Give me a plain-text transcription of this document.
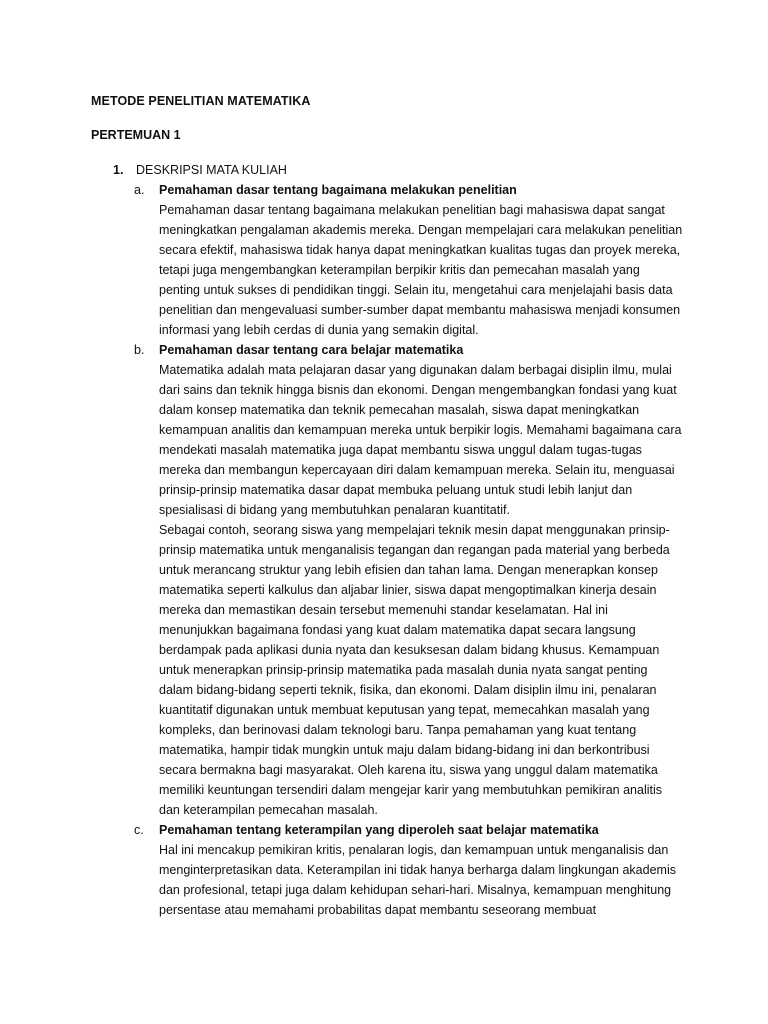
METODE PENELITIAN MATEMATIKA
PERTEMUAN 1
1. DESKRIPSI MATA KULIAH
a. Pemahaman dasar tentang bagaimana melakukan penelitian

Pemahaman dasar tentang bagaimana melakukan penelitian bagi mahasiswa dapat sangat meningkatkan pengalaman akademis mereka. Dengan mempelajari cara melakukan penelitian secara efektif, mahasiswa tidak hanya dapat meningkatkan kualitas tugas dan proyek mereka, tetapi juga mengembangkan keterampilan berpikir kritis dan pemecahan masalah yang penting untuk sukses di pendidikan tinggi. Selain itu, mengetahui cara menjelajahi basis data penelitian dan mengevaluasi sumber-sumber dapat membantu mahasiswa menjadi konsumen informasi yang lebih cerdas di dunia yang semakin digital.

b. Pemahaman dasar tentang cara belajar matematika

Matematika adalah mata pelajaran dasar yang digunakan dalam berbagai disiplin ilmu, mulai dari sains dan teknik hingga bisnis dan ekonomi. Dengan mengembangkan fondasi yang kuat dalam konsep matematika dan teknik pemecahan masalah, siswa dapat meningkatkan kemampuan analitis dan kemampuan mereka untuk berpikir logis. Memahami bagaimana cara mendekati masalah matematika juga dapat membantu siswa unggul dalam tugas-tugas mereka dan membangun kepercayaan diri dalam kemampuan mereka. Selain itu, menguasai prinsip-prinsip matematika dasar dapat membuka peluang untuk studi lebih lanjut dan spesialisasi di bidang yang membutuhkan penalaran kuantitatif.

Sebagai contoh, seorang siswa yang mempelajari teknik mesin dapat menggunakan prinsip-prinsip matematika untuk menganalisis tegangan dan regangan pada material yang berbeda untuk merancang struktur yang lebih efisien dan tahan lama. Dengan menerapkan konsep matematika seperti kalkulus dan aljabar linier, siswa dapat mengoptimalkan kinerja desain mereka dan memastikan desain tersebut memenuhi standar keselamatan. Hal ini menunjukkan bagaimana fondasi yang kuat dalam matematika dapat secara langsung berdampak pada aplikasi dunia nyata dan kesuksesan dalam bidang khusus. Kemampuan untuk menerapkan prinsip-prinsip matematika pada masalah dunia nyata sangat penting dalam bidang-bidang seperti teknik, fisika, dan ekonomi. Dalam disiplin ilmu ini, penalaran kuantitatif digunakan untuk membuat keputusan yang tepat, memecahkan masalah yang kompleks, dan berinovasi dalam teknologi baru. Tanpa pemahaman yang kuat tentang matematika, hampir tidak mungkin untuk maju dalam bidang-bidang ini dan berkontribusi secara bermakna bagi masyarakat. Oleh karena itu, siswa yang unggul dalam matematika memiliki keuntungan tersendiri dalam mengejar karir yang membutuhkan pemikiran analitis dan keterampilan pemecahan masalah.

c. Pemahaman tentang keterampilan yang diperoleh saat belajar matematika

Hal ini mencakup pemikiran kritis, penalaran logis, dan kemampuan untuk menganalisis dan menginterpretasikan data. Keterampilan ini tidak hanya berharga dalam lingkungan akademis dan profesional, tetapi juga dalam kehidupan sehari-hari. Misalnya, kemampuan menghitung persentase atau memahami probabilitas dapat membantu seseorang membuat
